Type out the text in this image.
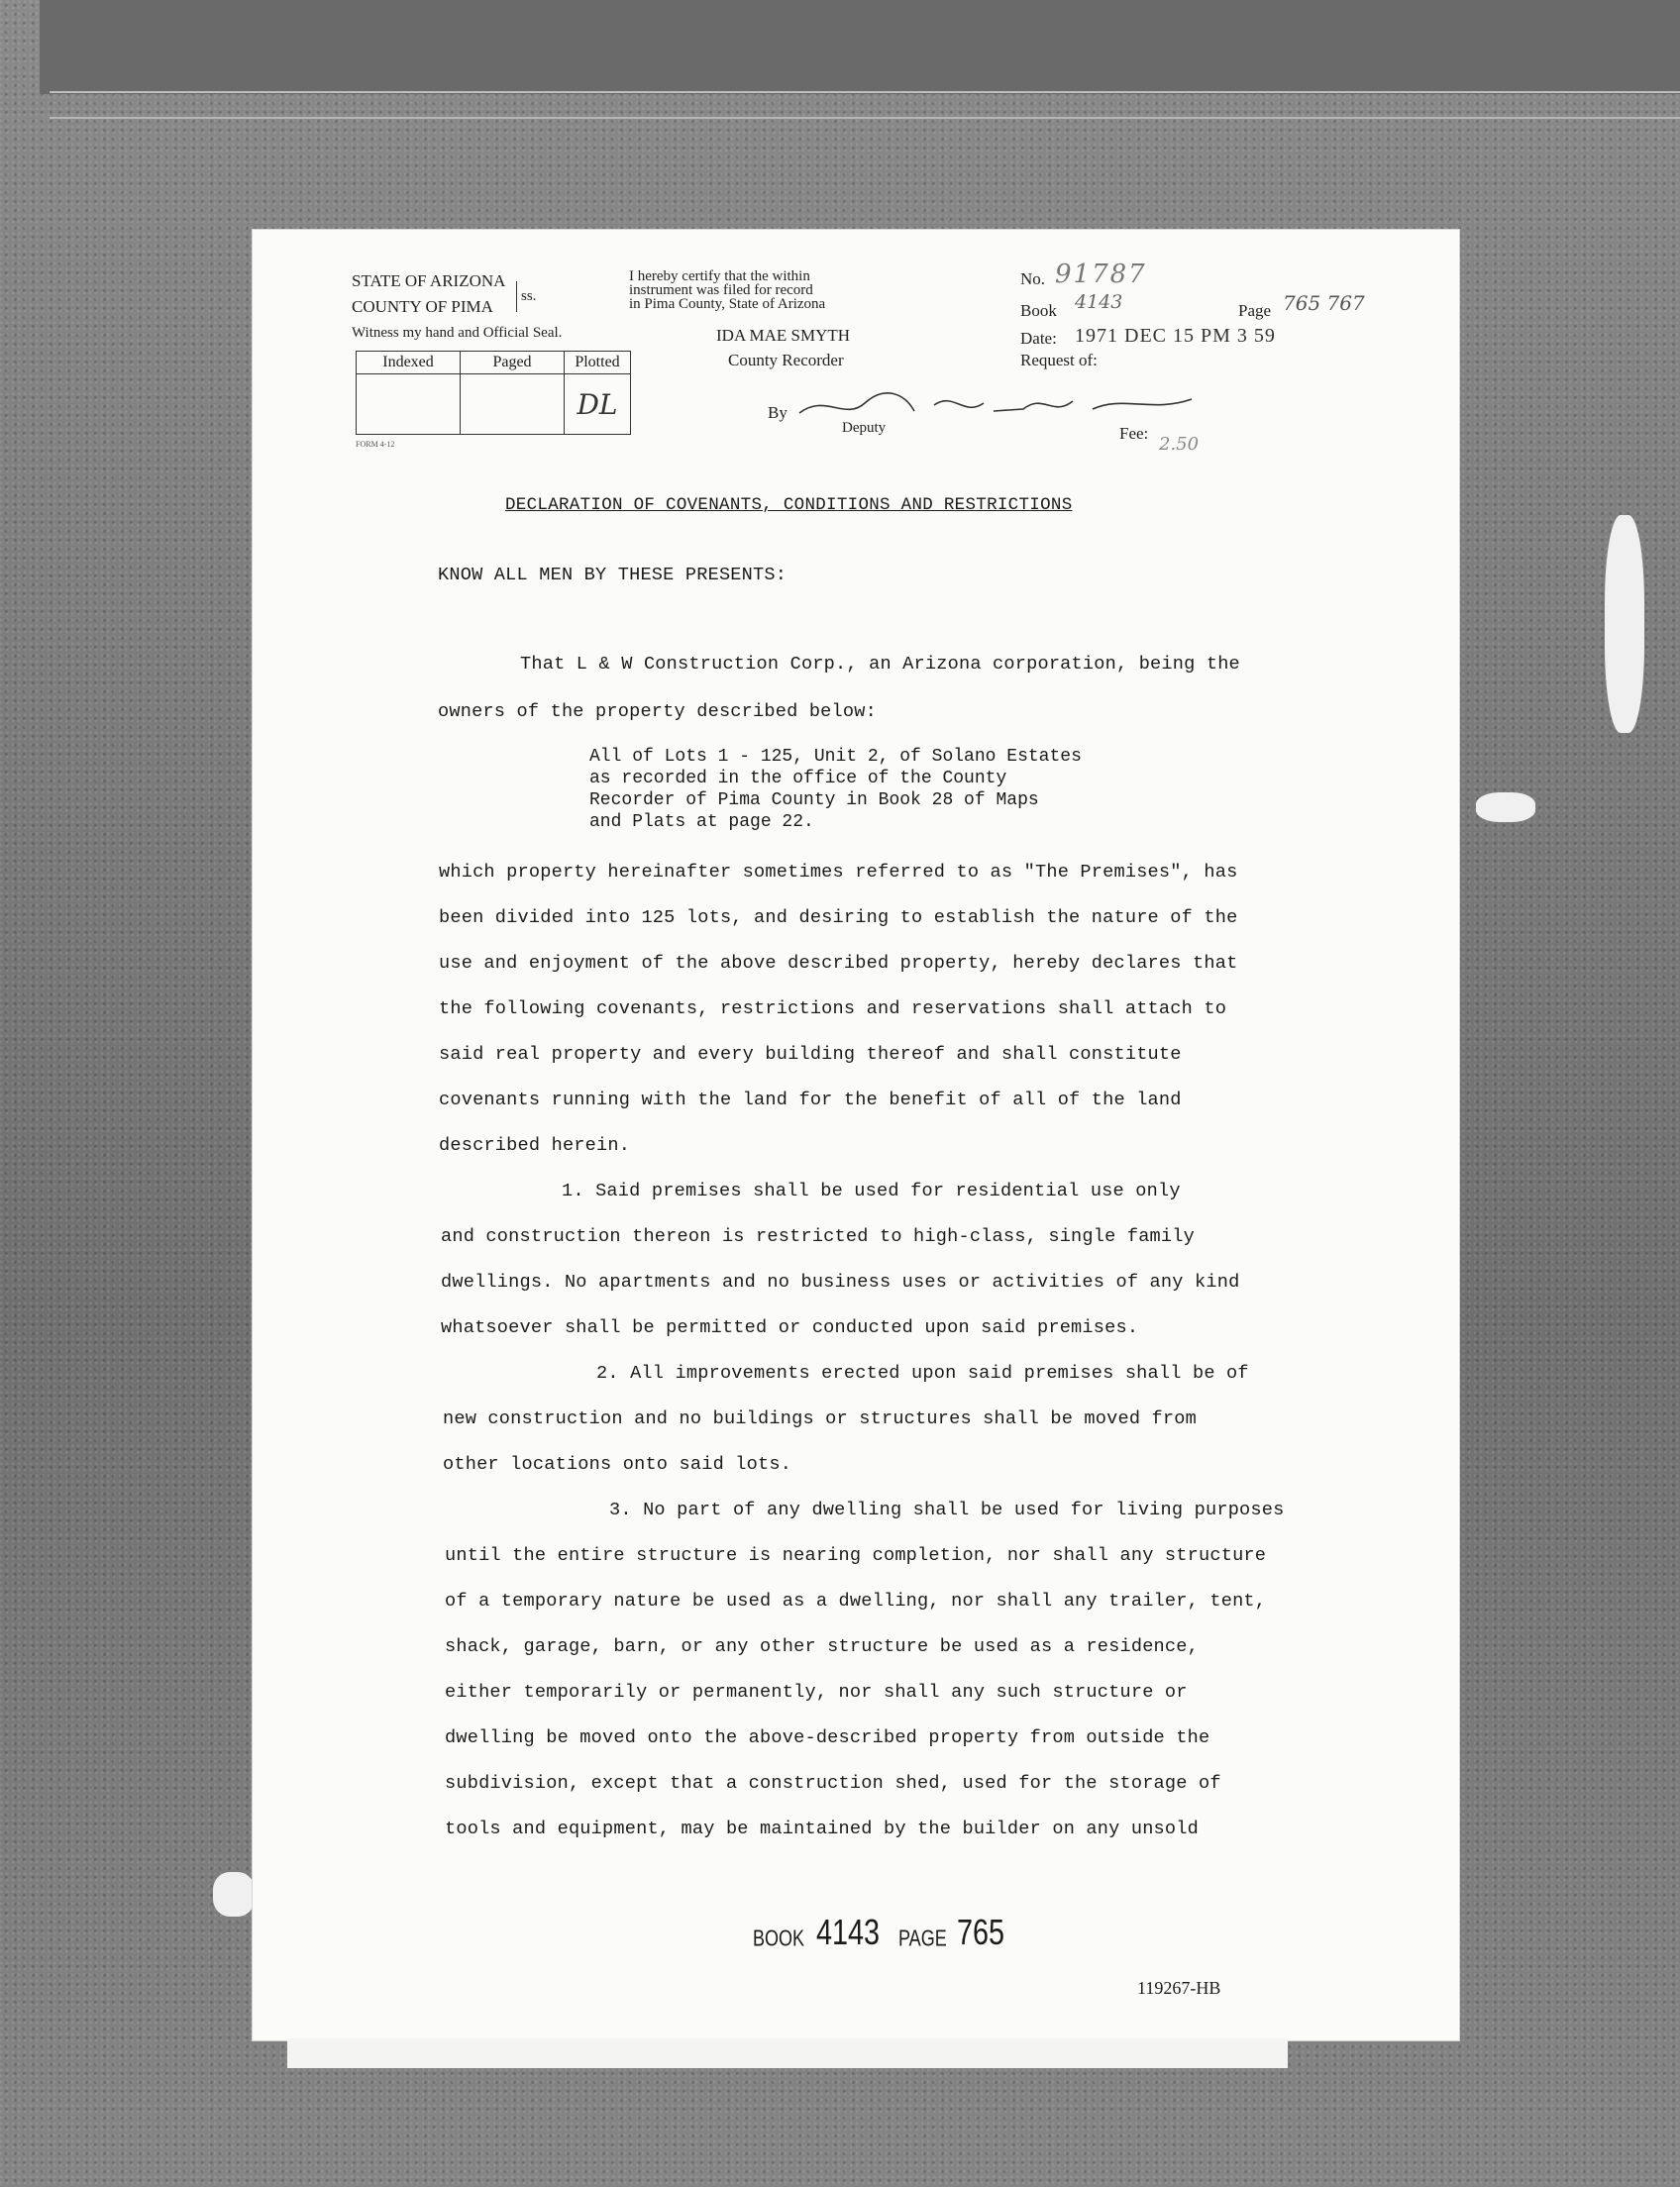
STATE OF ARIZONA
COUNTY OF PIMA
ss.
Witness my hand and Official Seal.
I hereby certify that the within
instrument was filed for record
in Pima County, State of Arizona
IDA MAE SMYTH
County Recorder
By
Deputy
No. 91787
Book 4143	Page 765 767
Date: 1971 DEC 15 PM 3 59
Request of:
Fee:
2.50
FORM 4-12
Indexed	Paged	Plotted
		DL
DECLARATION OF COVENANTS, CONDITIONS AND RESTRICTIONS
KNOW ALL MEN BY THESE PRESENTS:
That L & W Construction Corp., an Arizona corporation, being the
owners of the property described below:
All of Lots 1 - 125, Unit 2, of Solano Estates
as recorded in the office of the County
Recorder of Pima County in Book 28 of Maps
and Plats at page 22.
which property hereinafter sometimes referred to as "The Premises", has
been divided into 125 lots, and desiring to establish the nature of the
use and enjoyment of the above described property, hereby declares that
the following covenants, restrictions and reservations shall attach to
said real property and every building thereof and shall constitute
covenants running with the land for the benefit of all of the land
described herein.
1. Said premises shall be used for residential use only
and construction thereon is restricted to high-class, single family
dwellings. No apartments and no business uses or activities of any kind
whatsoever shall be permitted or conducted upon said premises.
2. All improvements erected upon said premises shall be of
new construction and no buildings or structures shall be moved from
other locations onto said lots.
3. No part of any dwelling shall be used for living purposes
until the entire structure is nearing completion, nor shall any structure
of a temporary nature be used as a dwelling, nor shall any trailer, tent,
shack, garage, barn, or any other structure be used as a residence,
either temporarily or permanently, nor shall any such structure or
dwelling be moved onto the above-described property from outside the
subdivision, except that a construction shed, used for the storage of
tools and equipment, may be maintained by the builder on any unsold
BOOK 4143 PAGE 765
119267-HB
